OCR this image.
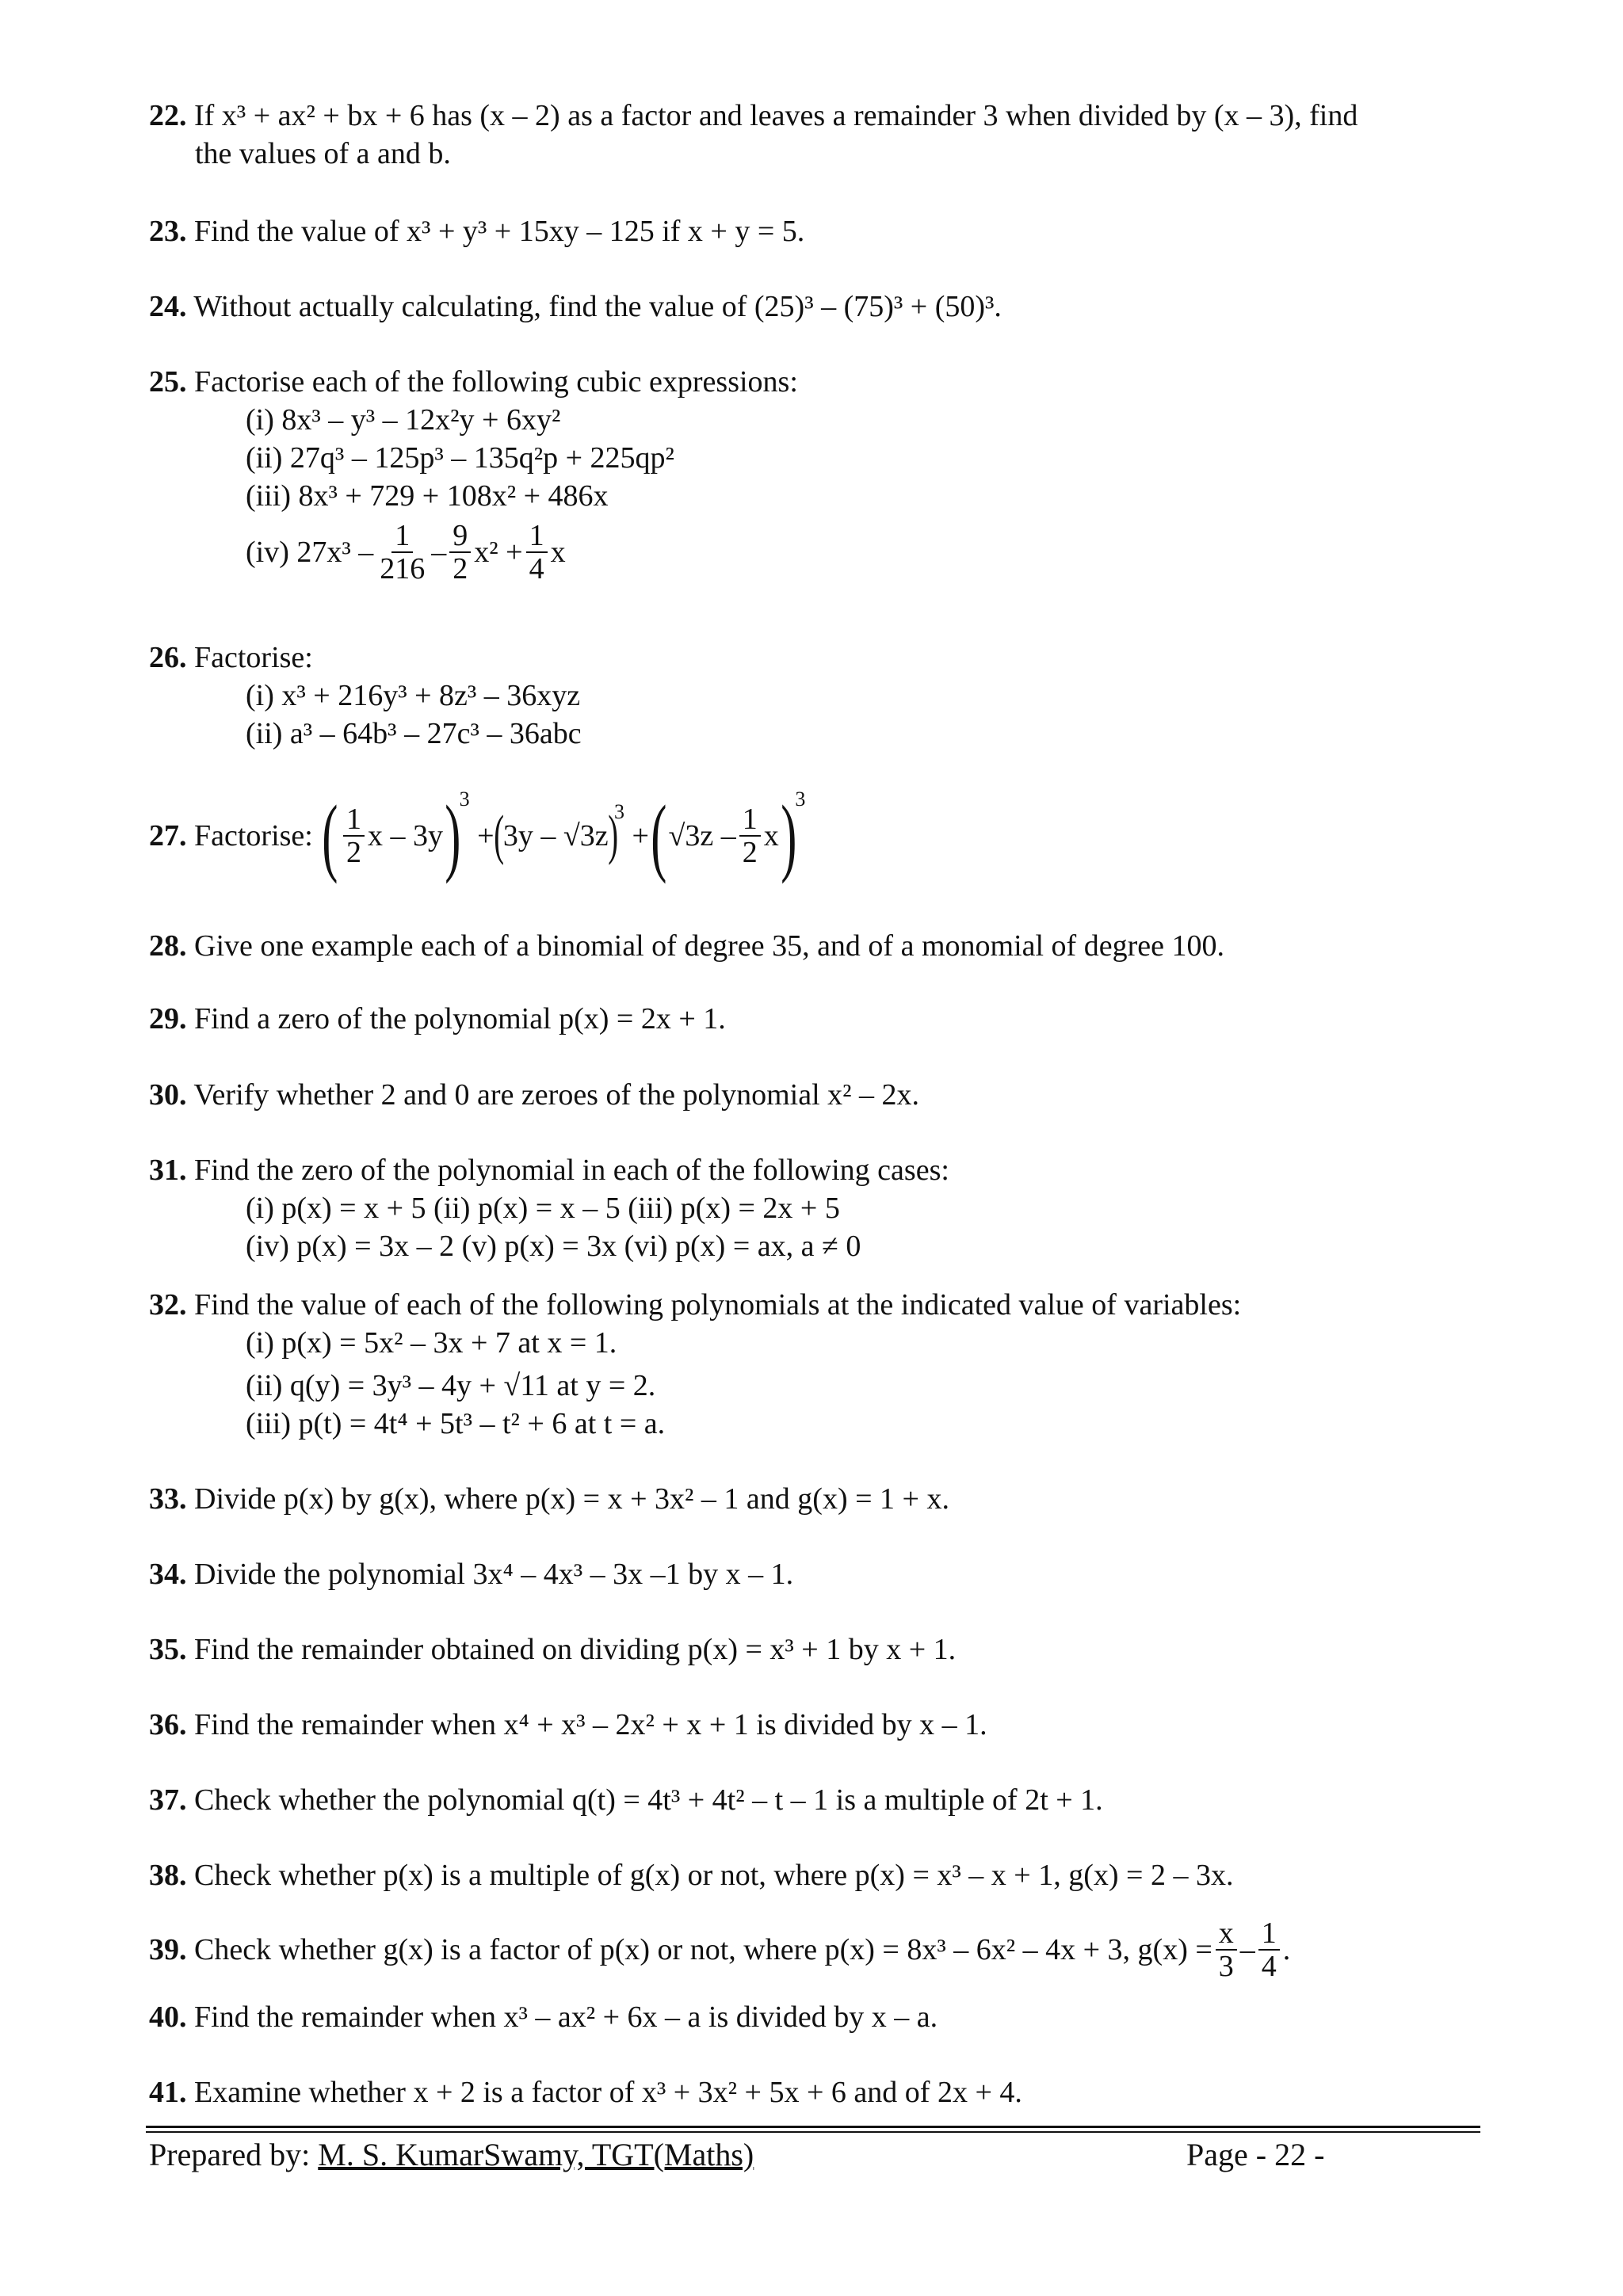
22. If x³ + ax² + bx + 6 has (x – 2) as a factor and leaves a remainder 3 when divided by (x – 3), find
the values of a and b.
23. Find the value of x³ + y³ + 15xy – 125 if x + y = 5.
24. Without actually calculating, find the value of (25)³ – (75)³ + (50)³.
25. Factorise each of the following cubic expressions:
(i) 8x³ – y³ – 12x²y + 6xy²
(ii) 27q³ – 125p³ – 135q²p + 225qp²
(iii) 8x³ + 729 + 108x² + 486x
(iv)
$27x^3 - \frac{1}{216} - \frac{9}{2} x^2 + \frac{1}{4}$ x
26. Factorise:
(i) x³ + 216y³ + 8z³ – 36xyz
(ii) a³ – 64b³ – 27c³ – 36abc
27.
Factorise:
( $\frac{1}{2}$ x – 3y )
3

+ ( 3y – √3z )
3

+ ( $√3z - \frac{1}{2}$ x )
3
28. Give one example each of a binomial of degree 35, and of a monomial of degree 100.
29. Find a zero of the polynomial p(x) = 2x + 1.
30. Verify whether 2 and 0 are zeroes of the polynomial x² – 2x.
31. Find the zero of the polynomial in each of the following cases:
(i) p(x) = x + 5 (ii) p(x) = x – 5 (iii) p(x) = 2x + 5
(iv) p(x) = 3x – 2 (v) p(x) = 3x (vi) p(x) = ax, a ≠ 0
32. Find the value of each of the following polynomials at the indicated value of variables:
(i) p(x) = 5x² – 3x + 7 at x = 1.
(ii) q(y) = 3y³ – 4y + √11 at y = 2.
(iii) p(t) = 4t⁴ + 5t³ – t² + 6 at t = a.
33. Divide p(x) by g(x), where p(x) = x + 3x² – 1 and g(x) = 1 + x.
34. Divide the polynomial 3x⁴ – 4x³ – 3x –1 by x – 1.
35. Find the remainder obtained on dividing p(x) = x³ + 1 by x + 1.
36. Find the remainder when x⁴ + x³ – 2x² + x + 1 is divided by x – 1.
37. Check whether the polynomial q(t) = 4t³ + 4t² – t – 1 is a multiple of 2t + 1.
38. Check whether p(x) is a multiple of g(x) or not, where p(x) = x³ – x + 1, g(x) = 2 – 3x.
39.
Check whether g(x) is a factor of p(x) or not, where p(x) = 8x³ – 6x² – 4x + 3, $g(x) = \frac{x}{3} - \frac{1}{4}$ .
40. Find the remainder when x³ – ax² + 6x – a is divided by x – a.
41. Examine whether x + 2 is a factor of x³ + 3x² + 5x + 6 and of 2x + 4.
Prepared by: M. S. KumarSwamy, TGT(Maths)	Page - 22 -
